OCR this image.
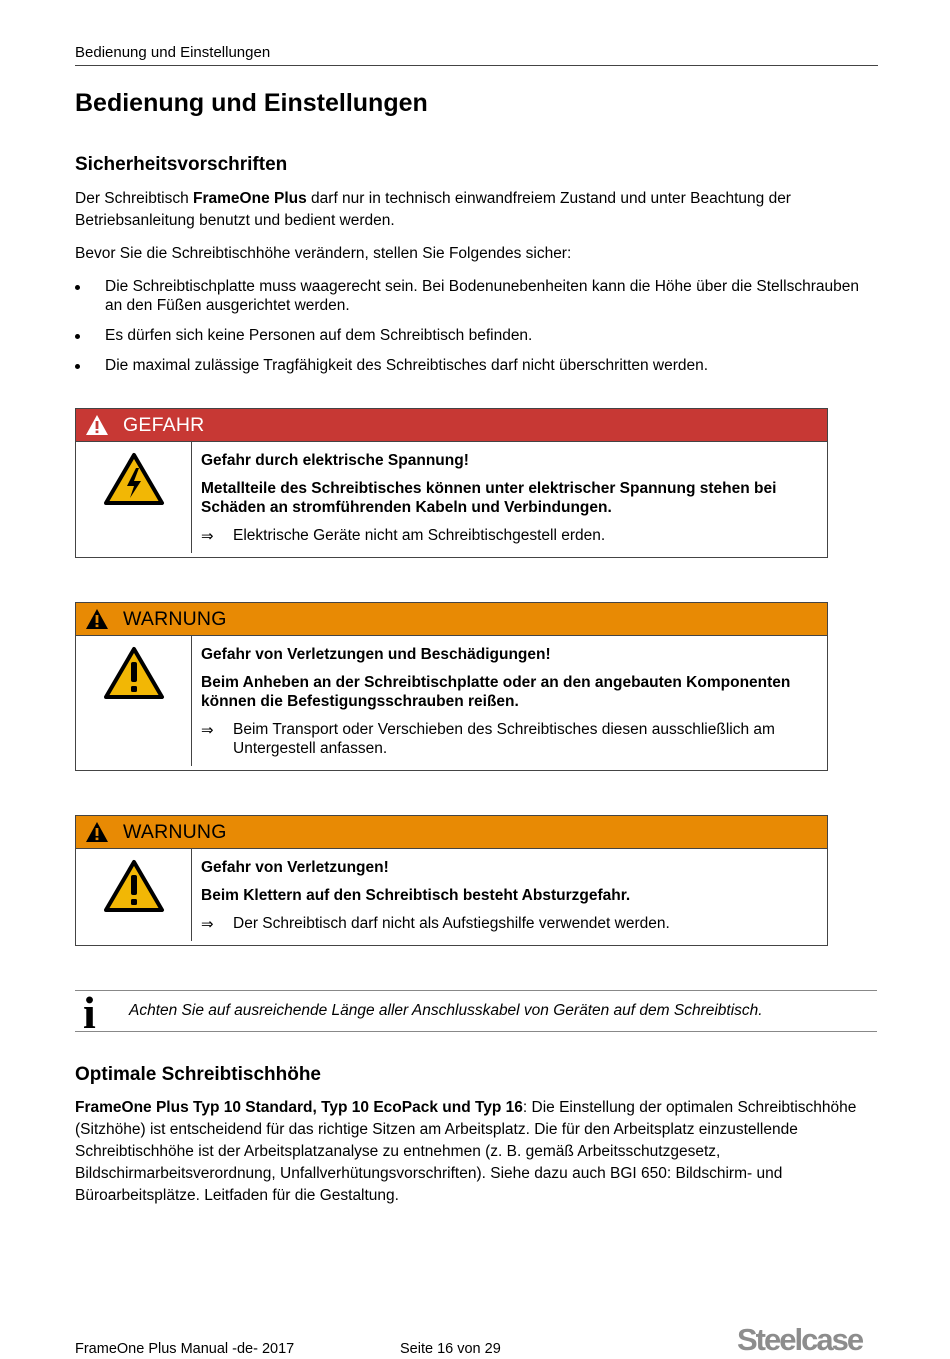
Bedienung und Einstellungen
Bedienung und Einstellungen
Sicherheitsvorschriften

Der Schreibtisch FrameOne Plus darf nur in technisch einwandfreiem Zustand und unter Beachtung der Betriebsanleitung benutzt und bedient werden.

Bevor Sie die Schreibtischhöhe verändern, stellen Sie Folgendes sicher:

Die Schreibtischplatte muss waagerecht sein. Bei Bodenunebenheiten kann die Höhe über die Stellschrauben an den Füßen ausgerichtet werden.
Es dürfen sich keine Personen auf dem Schreibtisch befinden.
Die maximal zulässige Tragfähigkeit des Schreibtisches darf nicht überschritten werden.
GEFAHR

Gefahr durch elektrische Spannung!

Metallteile des Schreibtisches können unter elektrischer Spannung stehen bei Schäden an stromführenden Kabeln und Verbindungen.

⇒ Elektrische Geräte nicht am Schreibtischgestell erden.
WARNUNG

Gefahr von Verletzungen und Beschädigungen!

Beim Anheben an der Schreibtischplatte oder an den angebauten Komponenten können die Befestigungsschrauben reißen.

⇒ Beim Transport oder Verschieben des Schreibtisches diesen ausschließlich am Untergestell anfassen.
WARNUNG

Gefahr von Verletzungen!

Beim Klettern auf den Schreibtisch besteht Absturzgefahr.

⇒ Der Schreibtisch darf nicht als Aufstiegshilfe verwendet werden.
i Achten Sie auf ausreichende Länge aller Anschlusskabel von Geräten auf dem Schreibtisch.
Optimale Schreibtischhöhe

FrameOne Plus Typ 10 Standard, Typ 10 EcoPack und Typ 16: Die Einstellung der optimalen Schreibtischhöhe (Sitzhöhe) ist entscheidend für das richtige Sitzen am Arbeitsplatz. Die für den Arbeitsplatz einzustellende Schreibtischhöhe ist der Arbeitsplatzanalyse zu entnehmen (z. B. gemäß Arbeitsschutzgesetz, Bildschirmarbeitsverordnung, Unfallverhütungsvorschriften). Siehe dazu auch BGI 650: Bildschirm- und Büroarbeitsplätze. Leitfaden für die Gestaltung.

FrameOne Plus Manual -de- 2017	Seite 16 von 29	Steelcase
